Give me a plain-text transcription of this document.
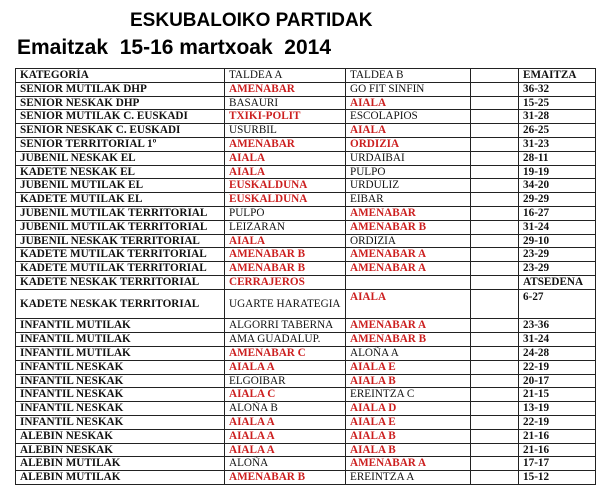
ESKUBALOIKO PARTIDAK
Emaitzak  15-16 martxoak  2014
KATEGORÍA	TALDEA A	TALDEA B		EMAITZA
SENIOR MUTILAK DHP	AMENABAR	GO FIT SINFIN		36-32
SENIOR NESKAK DHP	BASAURI	AIALA		15-25
SENIOR MUTILAK C. EUSKADI	TXIKI-POLIT	ESCOLAPIOS		31-28
SENIOR NESKAK C. EUSKADI	USURBIL	AIALA		26-25
SENIOR TERRITORIAL 1º	AMENABAR	ORDIZIA		31-23
JUBENIL NESKAK EL	AIALA	URDAIBAI		28-11
KADETE NESKAK EL	AIALA	PULPO		19-19
JUBENIL MUTILAK EL	EUSKALDUNA	URDULIZ		34-20
KADETE MUTILAK EL	EUSKALDUNA	EIBAR		29-29
JUBENIL MUTILAK TERRITORIAL	PULPO	AMENABAR		16-27
JUBENIL MUTILAK TERRITORIAL	LEIZARAN	AMENABAR B		31-24
JUBENIL NESKAK TERRITORIAL	AIALA	ORDIZIA		29-10
KADETE MUTILAK TERRITORIAL	AMENABAR B	AMENABAR A		23-29
KADETE MUTILAK TERRITORIAL	AMENABAR B	AMENABAR A		23-29
KADETE NESKAK TERRITORIAL	CERRAJEROS			ATSEDENA
KADETE NESKAK TERRITORIAL	UGARTE HARATEGIA	AIALA		6-27
INFANTIL MUTILAK	ALGORRI TABERNA	AMENABAR A		23-36
INFANTIL MUTILAK	AMA GUADALUP.	AMENABAR B		31-24
INFANTIL MUTILAK	AMENABAR C	ALOÑA A		24-28
INFANTIL NESKAK	AIALA A	AIALA E		22-19
INFANTIL NESKAK	ELGOIBAR	AIALA B		20-17
INFANTIL NESKAK	AIALA C	EREINTZA C		21-15
INFANTIL NESKAK	ALOÑA B	AIALA D		13-19
INFANTIL NESKAK	AIALA A	AIALA E		22-19
ALEBIN NESKAK	AIALA A	AIALA B		21-16
ALEBIN NESKAK	AIALA A	AIALA B		21-16
ALEBIN MUTILAK	ALOÑA	AMENABAR A		17-17
ALEBIN MUTILAK	AMENABAR B	EREINTZA A		15-12
